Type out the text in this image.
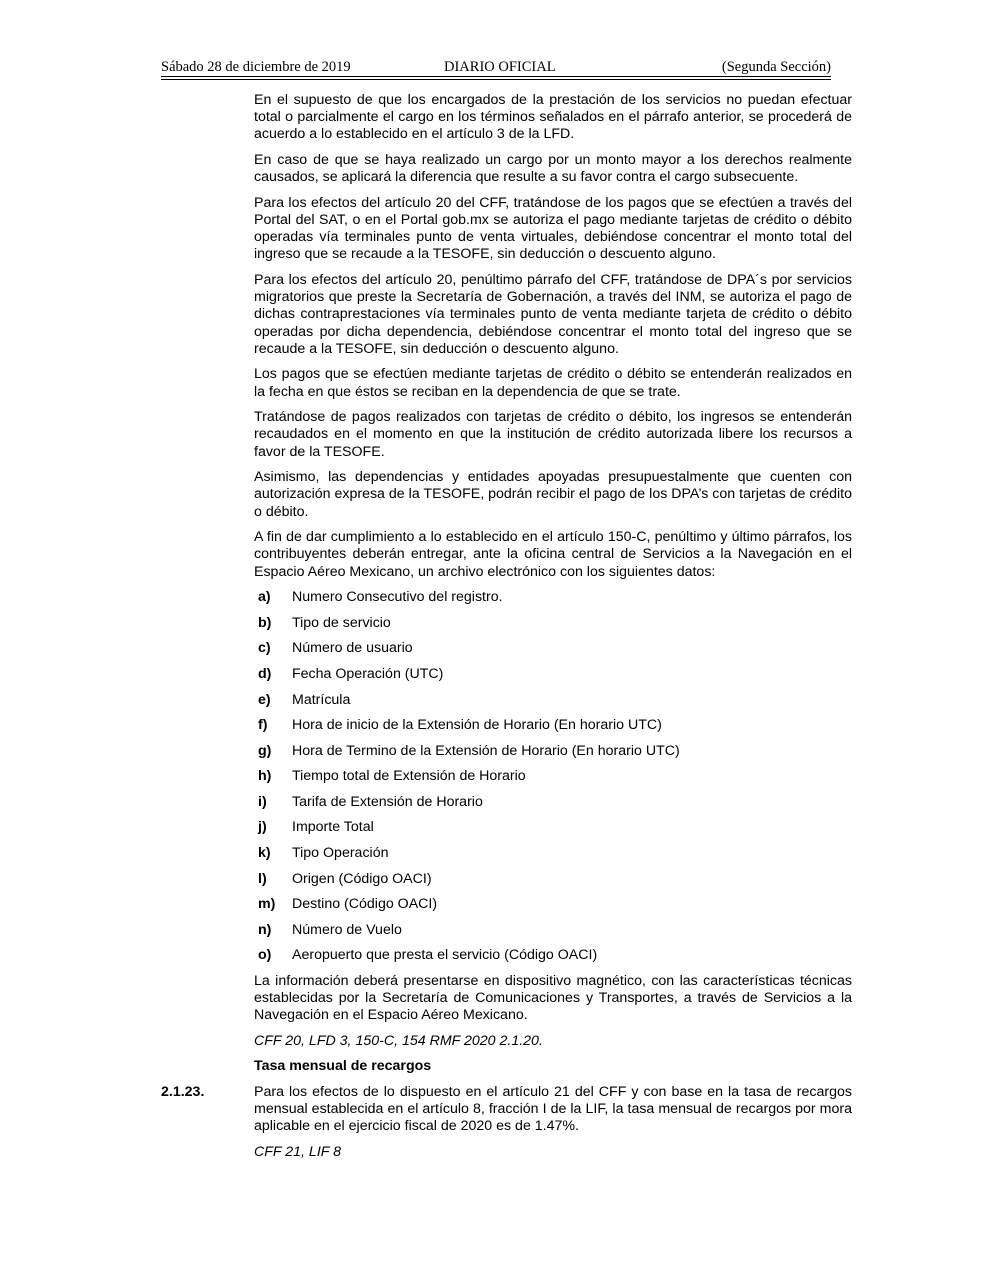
Sábado 28 de diciembre de 2019	DIARIO OFICIAL	(Segunda Sección)

En el supuesto de que los encargados de la prestación de los servicios no puedan efectuar total o parcialmente el cargo en los términos señalados en el párrafo anterior, se procederá de acuerdo a lo establecido en el artículo 3 de la LFD.

En caso de que se haya realizado un cargo por un monto mayor a los derechos realmente causados, se aplicará la diferencia que resulte a su favor contra el cargo subsecuente.

Para los efectos del artículo 20 del CFF, tratándose de los pagos que se efectúen a través del Portal del SAT, o en el Portal gob.mx se autoriza el pago mediante tarjetas de crédito o débito operadas vía terminales punto de venta virtuales, debiéndose concentrar el monto total del ingreso que se recaude a la TESOFE, sin deducción o descuento alguno.

Para los efectos del artículo 20, penúltimo párrafo del CFF, tratándose de DPA´s por servicios migratorios que preste la Secretaría de Gobernación, a través del INM, se autoriza el pago de dichas contraprestaciones vía terminales punto de venta mediante tarjeta de crédito o débito operadas por dicha dependencia, debiéndose concentrar el monto total del ingreso que se recaude a la TESOFE, sin deducción o descuento alguno.

Los pagos que se efectúen mediante tarjetas de crédito o débito se entenderán realizados en la fecha en que éstos se reciban en la dependencia de que se trate.

Tratándose de pagos realizados con tarjetas de crédito o débito, los ingresos se entenderán recaudados en el momento en que la institución de crédito autorizada libere los recursos a favor de la TESOFE.

Asimismo, las dependencias y entidades apoyadas presupuestalmente que cuenten con autorización expresa de la TESOFE, podrán recibir el pago de los DPA’s con tarjetas de crédito o débito.

A fin de dar cumplimiento a lo establecido en el artículo 150-C, penúltimo y último párrafos, los contribuyentes deberán entregar, ante la oficina central de Servicios a la Navegación en el Espacio Aéreo Mexicano, un archivo electrónico con los siguientes datos:

a) Numero Consecutivo del registro.
b) Tipo de servicio
c) Número de usuario
d) Fecha Operación (UTC)
e) Matrícula
f) Hora de inicio de la Extensión de Horario (En horario UTC)
g) Hora de Termino de la Extensión de Horario (En horario UTC)
h) Tiempo total de Extensión de Horario
i) Tarifa de Extensión de Horario
j) Importe Total
k) Tipo Operación
l) Origen (Código OACI)
m) Destino (Código OACI)
n) Número de Vuelo
o) Aeropuerto que presta el servicio (Código OACI)

La información deberá presentarse en dispositivo magnético, con las características técnicas establecidas por la Secretaría de Comunicaciones y Transportes, a través de Servicios a la Navegación en el Espacio Aéreo Mexicano.

CFF 20, LFD 3, 150-C, 154 RMF 2020 2.1.20.

Tasa mensual de recargos

2.1.23.	Para los efectos de lo dispuesto en el artículo 21 del CFF y con base en la tasa de recargos mensual establecida en el artículo 8, fracción I de la LIF, la tasa mensual de recargos por mora aplicable en el ejercicio fiscal de 2020 es de 1.47%.

CFF 21, LIF 8
